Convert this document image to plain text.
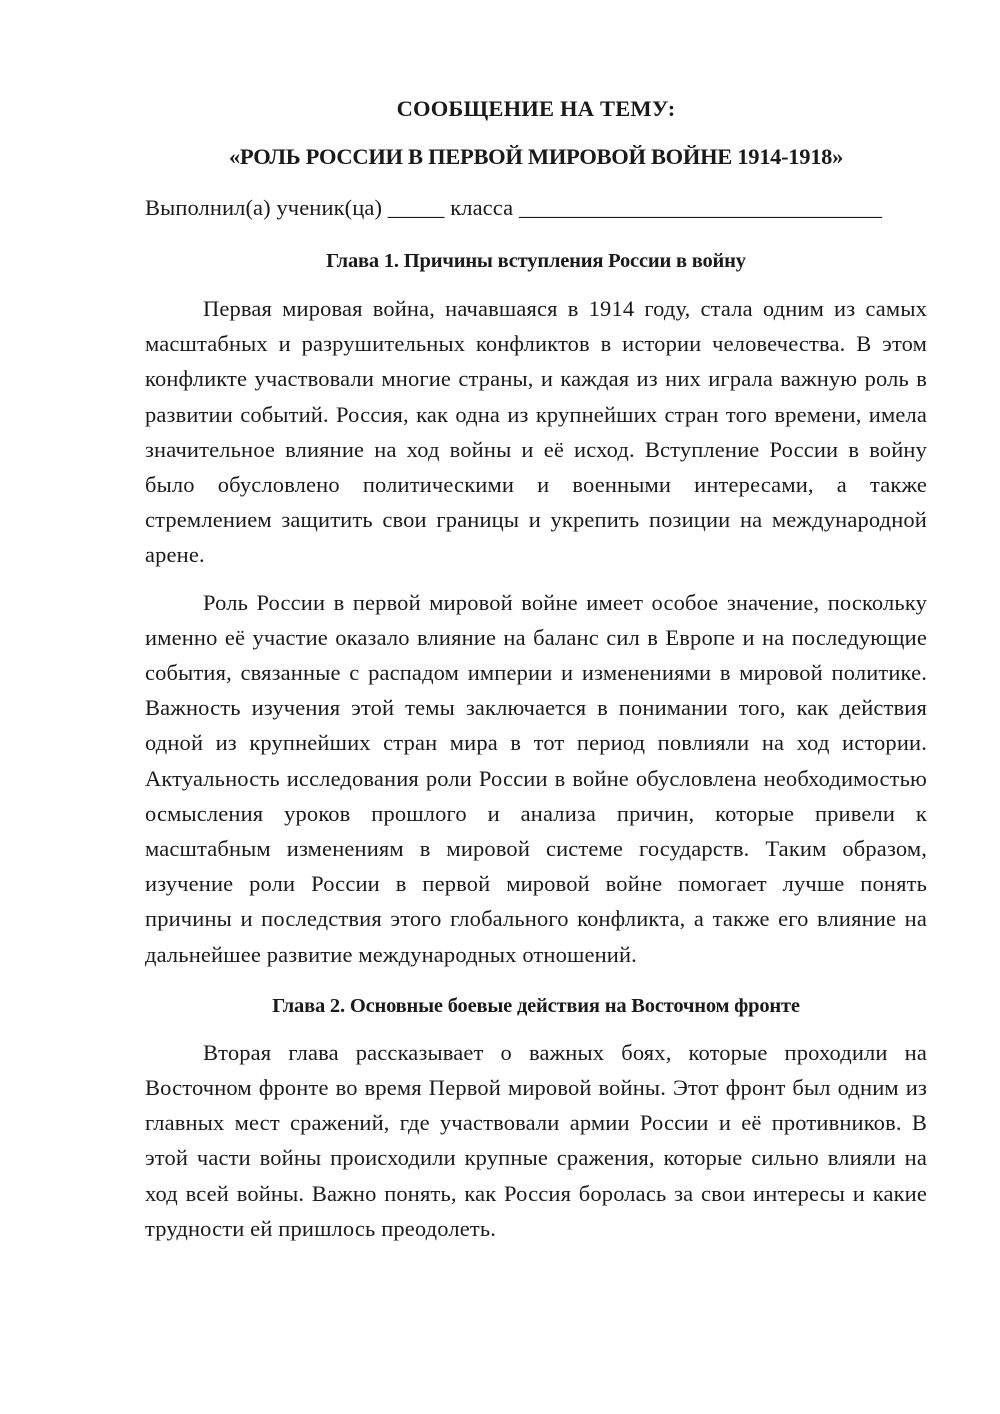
СООБЩЕНИЕ НА ТЕМУ:
«РОЛЬ РОССИИ В ПЕРВОЙ МИРОВОЙ ВОЙНЕ 1914-1918»
Выполнил(а) ученик(ца) _____ класса ________________________________
Глава 1. Причины вступления России в войну

Первая мировая война, начавшаяся в 1914 году, стала одним из самых масштабных и разрушительных конфликтов в истории человечества. В этом конфликте участвовали многие страны, и каждая из них играла важную роль в развитии событий. Россия, как одна из крупнейших стран того времени, имела значительное влияние на ход войны и её исход. Вступление России в войну было обусловлено политическими и военными интересами, а также стремлением защитить свои границы и укрепить позиции на международной арене.

Роль России в первой мировой войне имеет особое значение, поскольку именно её участие оказало влияние на баланс сил в Европе и на последующие события, связанные с распадом империи и изменениями в мировой политике. Важность изучения этой темы заключается в понимании того, как действия одной из крупнейших стран мира в тот период повлияли на ход истории. Актуальность исследования роли России в войне обусловлена необходимостью осмысления уроков прошлого и анализа причин, которые привели к масштабным изменениям в мировой системе государств. Таким образом, изучение роли России в первой мировой войне помогает лучше понять причины и последствия этого глобального конфликта, а также его влияние на дальнейшее развитие международных отношений.

Глава 2. Основные боевые действия на Восточном фронте

Вторая глава рассказывает о важных боях, которые проходили на Восточном фронте во время Первой мировой войны. Этот фронт был одним из главных мест сражений, где участвовали армии России и её противников. В этой части войны происходили крупные сражения, которые сильно влияли на ход всей войны. Важно понять, как Россия боролась за свои интересы и какие трудности ей пришлось преодолеть.
